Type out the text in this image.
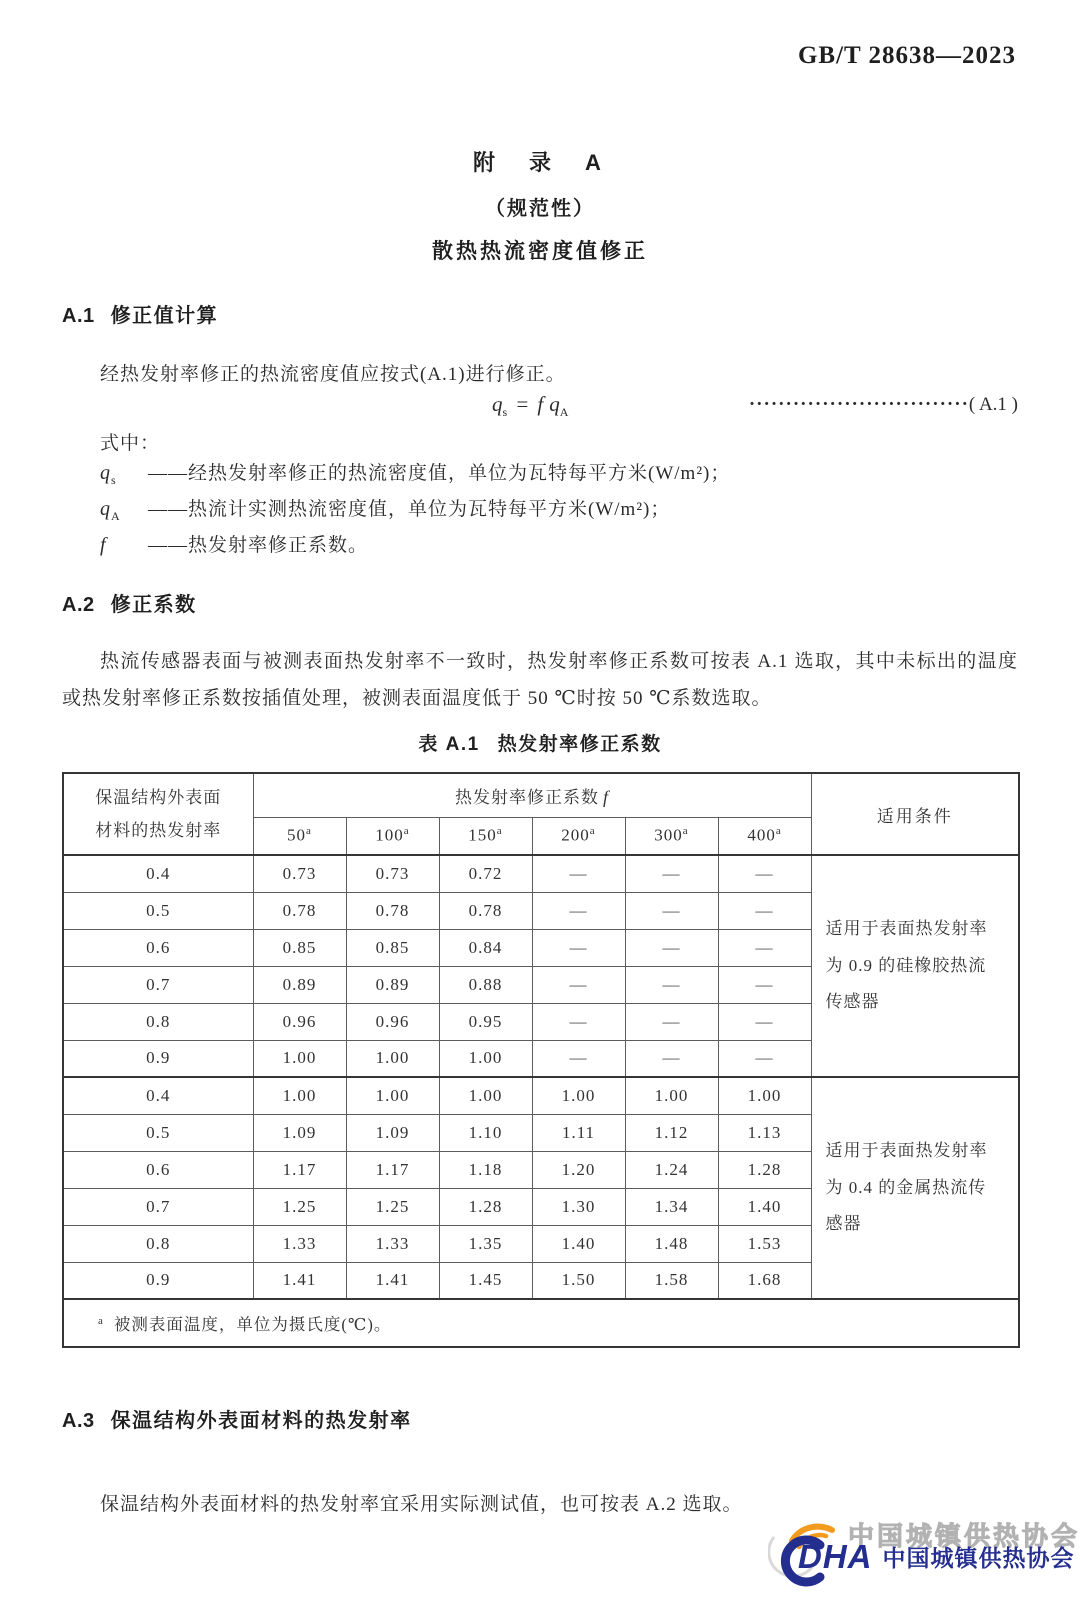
GB/T 28638—2023
附　录　A
（规范性）
散热热流密度值修正
A.1 修正值计算
经热发射率修正的热流密度值应按式(A.1)进行修正。
$q_s = f$ $q_A$	······························( A.1 )
式中：
$q_s$	——经热发射率修正的热流密度值，单位为瓦特每平方米(W/m²)；
$q_A$	——热流计实测热流密度值，单位为瓦特每平方米(W/m²)；
f	——热发射率修正系数。
A.2 修正系数
热流传感器表面与被测表面热发射率不一致时，热发射率修正系数可按表 A.1 选取，其中未标出的温度或热发射率修正系数按插值处理，被测表面温度低于 50 ℃时按 50 ℃系数选取。
表 A.1 热发射率修正系数
保温结构外表面
材料的热发射率	热发射率修正系数 f						适用条件
	50$^a$	100$^a$	150$^a$	200$^a$	300$^a$	400$^a$
0.4	0.73	0.73	0.72	—	—	—	适用于表面热发射率为 0.9 的硅橡胶热流传感器
0.5	0.78	0.78	0.78	—	—	—	
0.6	0.85	0.85	0.84	—	—	—	
0.7	0.89	0.89	0.88	—	—	—	
0.8	0.96	0.96	0.95	—	—	—	
0.9	1.00	1.00	1.00	—	—	—	
0.4	1.00	1.00	1.00	1.00	1.00	1.00	适用于表面热发射率为 0.4 的金属热流传感器
0.5	1.09	1.09	1.10	1.11	1.12	1.13	
0.6	1.17	1.17	1.18	1.20	1.24	1.28	
0.7	1.25	1.25	1.28	1.30	1.34	1.40	
0.8	1.33	1.33	1.35	1.40	1.48	1.53	
0.9	1.41	1.41	1.45	1.50	1.58	1.68	
$^a$ 被测表面温度，单位为摄氏度(℃)。							
A.3 保温结构外表面材料的热发射率
保温结构外表面材料的热发射率宜采用实际测试值，也可按表 A.2 选取。
中国城镇供热协会
DHA 中国城镇供热协会
